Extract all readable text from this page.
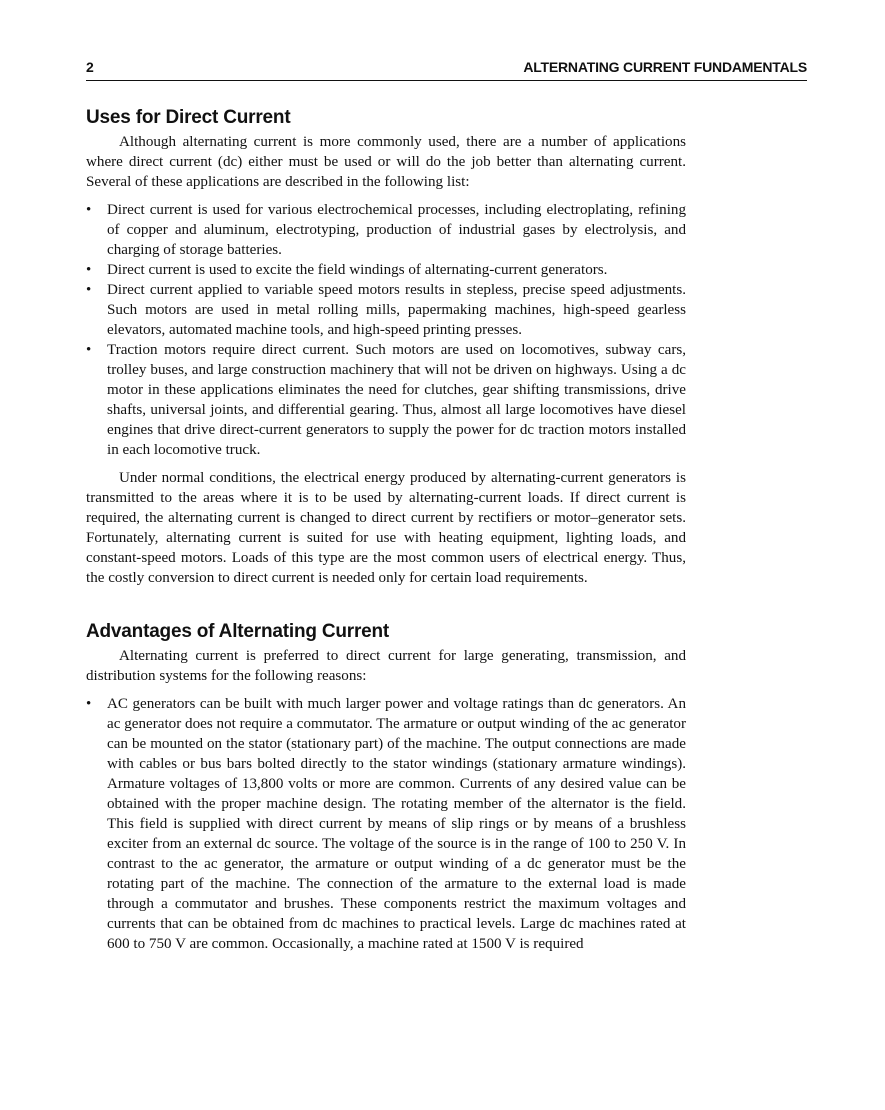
2	ALTERNATING CURRENT FUNDAMENTALS
Uses for Direct Current

Although alternating current is more commonly used, there are a number of applications where direct current (dc) either must be used or will do the job better than alternating current. Several of these applications are described in the following list:

• Direct current is used for various electrochemical processes, including electroplating, refining of copper and aluminum, electrotyping, production of industrial gases by electrolysis, and charging of storage batteries.
• Direct current is used to excite the field windings of alternating-current generators.
• Direct current applied to variable speed motors results in stepless, precise speed adjustments. Such motors are used in metal rolling mills, papermaking machines, high-speed gearless elevators, automated machine tools, and high-speed printing presses.
• Traction motors require direct current. Such motors are used on locomotives, subway cars, trolley buses, and large construction machinery that will not be driven on highways. Using a dc motor in these applications eliminates the need for clutches, gear shifting transmissions, drive shafts, universal joints, and differential gearing. Thus, almost all large locomotives have diesel engines that drive direct-current generators to supply the power for dc traction motors installed in each locomotive truck.

Under normal conditions, the electrical energy produced by alternating-current generators is transmitted to the areas where it is to be used by alternating-current loads. If direct current is required, the alternating current is changed to direct current by rectifiers or motor–generator sets. Fortunately, alternating current is suited for use with heating equipment, lighting loads, and constant-speed motors. Loads of this type are the most common users of electrical energy. Thus, the costly conversion to direct current is needed only for certain load requirements.

Advantages of Alternating Current

Alternating current is preferred to direct current for large generating, transmission, and distribution systems for the following reasons:

• AC generators can be built with much larger power and voltage ratings than dc generators. An ac generator does not require a commutator. The armature or output winding of the ac generator can be mounted on the stator (stationary part) of the machine. The output connections are made with cables or bus bars bolted directly to the stator windings (stationary armature windings). Armature voltages of 13,800 volts or more are common. Currents of any desired value can be obtained with the proper machine design. The rotating member of the alternator is the field. This field is supplied with direct current by means of slip rings or by means of a brushless exciter from an external dc source. The voltage of the source is in the range of 100 to 250 V. In contrast to the ac generator, the armature or output winding of a dc generator must be the rotating part of the machine. The connection of the armature to the external load is made through a commutator and brushes. These components restrict the maximum voltages and currents that can be obtained from dc machines to practical levels. Large dc machines rated at 600 to 750 V are common. Occasionally, a machine rated at 1500 V is required
